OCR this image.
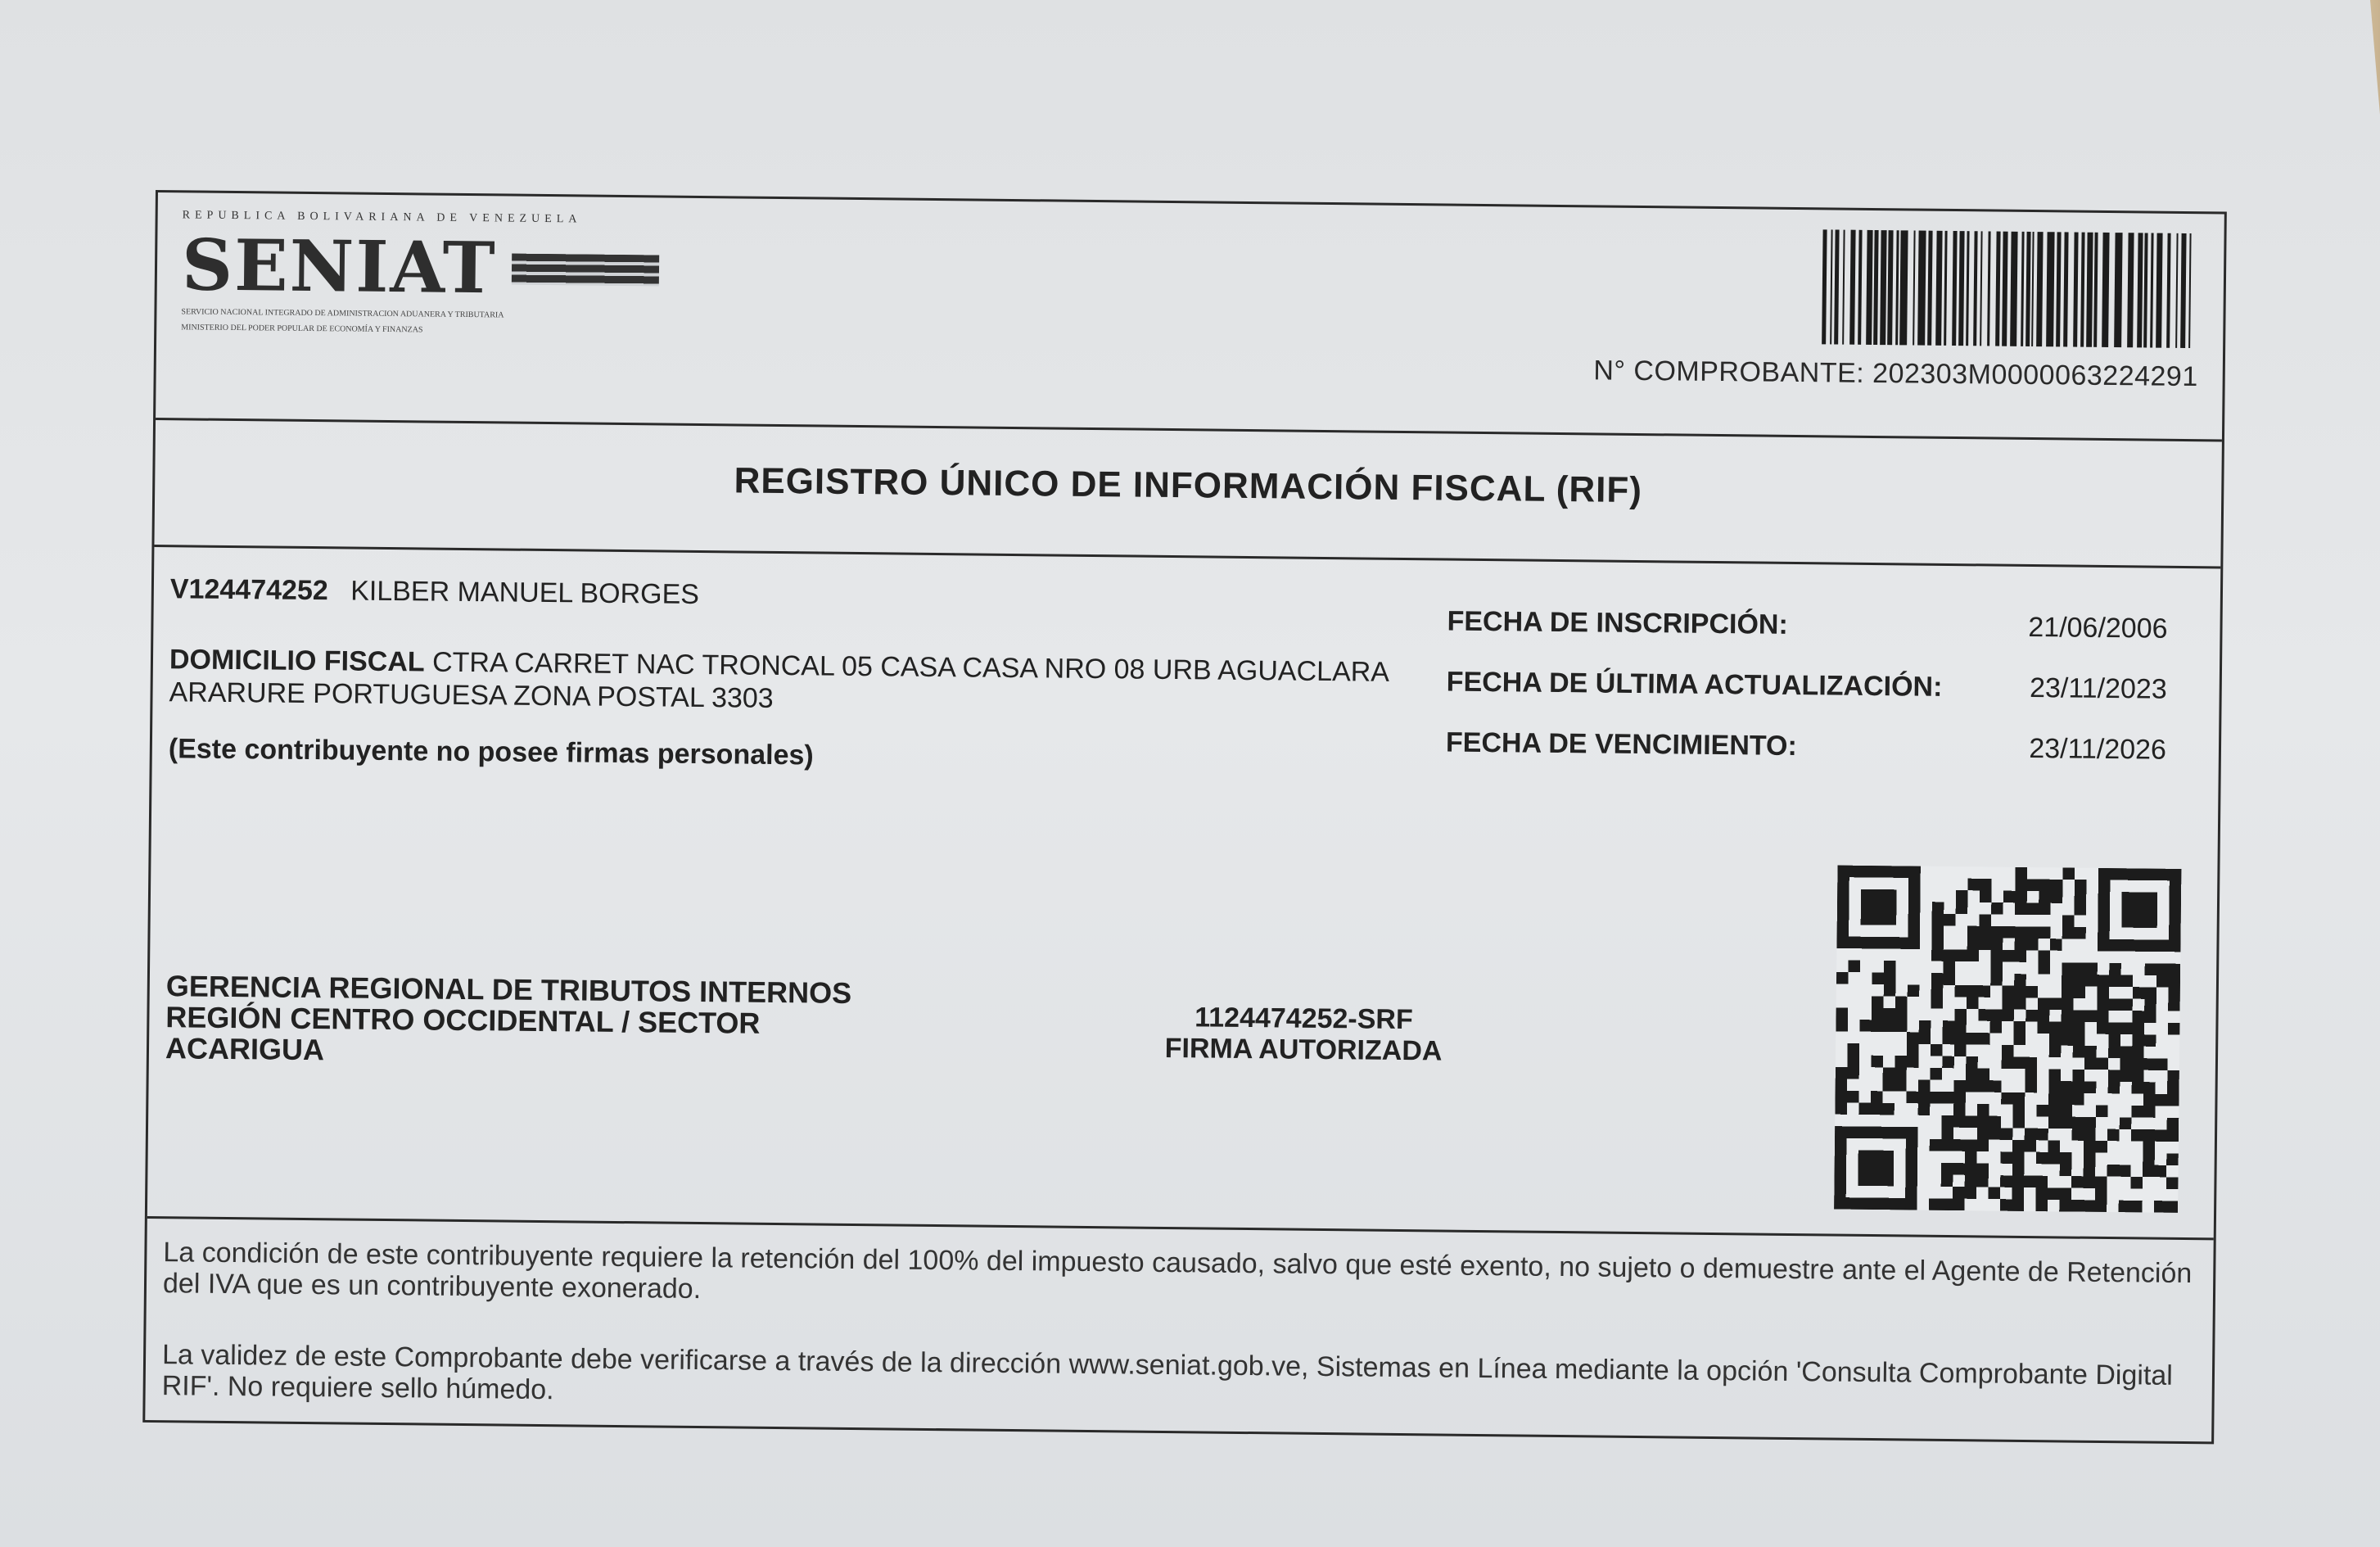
REPUBLICA BOLIVARIANA DE VENEZUELA
SENIAT
SERVICIO NACIONAL INTEGRADO DE ADMINISTRACION ADUANERA Y TRIBUTARIA
MINISTERIO DEL PODER POPULAR DE ECONOMÍA Y FINANZAS
N° COMPROBANTE: 202303M0000063224291
REGISTRO ÚNICO DE INFORMACIÓN FISCAL (RIF)
V124474252 KILBER MANUEL BORGES
DOMICILIO FISCAL CTRA CARRET NAC TRONCAL 05 CASA CASA NRO 08 URB AGUACLARA ARARURE PORTUGUESA ZONA POSTAL 3303
(Este contribuyente no posee firmas personales)
FECHA DE INSCRIPCIÓN:	21/06/2006
FECHA DE ÚLTIMA ACTUALIZACIÓN:	23/11/2023
FECHA DE VENCIMIENTO:	23/11/2026
GERENCIA REGIONAL DE TRIBUTOS INTERNOS
REGIÓN CENTRO OCCIDENTAL / SECTOR
ACARIGUA
1124474252-SRF
FIRMA AUTORIZADA
La condición de este contribuyente requiere la retención del 100% del impuesto causado, salvo que esté exento, no sujeto o demuestre ante el Agente de Retención del IVA que es un contribuyente exonerado.
La validez de este Comprobante debe verificarse a través de la dirección www.seniat.gob.ve, Sistemas en Línea mediante la opción 'Consulta Comprobante Digital RIF'. No requiere sello húmedo.
